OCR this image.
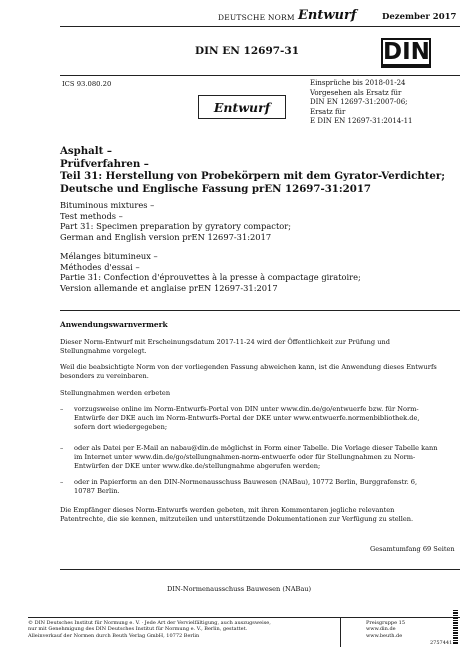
DEUTSCHE NORM Entwurf	Dezember 2017
DIN EN 12697-31	DIN
ICS 93.080.20	Einsprüche bis 2018-01-24
Vorgesehen als Ersatz für
DIN EN 12697-31:2007-06;
Ersatz für
E DIN EN 12697-31:2014-11
Entwurf
Asphalt –
Prüfverfahren –
Teil 31: Herstellung von Probekörpern mit dem Gyrator-Verdichter;
Deutsche und Englische Fassung prEN 12697-31:2017
Bituminous mixtures –
Test methods –
Part 31: Specimen preparation by gyratory compactor;
German and English version prEN 12697-31:2017
Mélanges bitumineux –
Méthodes d'essai –
Partie 31: Confection d'éprouvettes à la presse à compactage giratoire;
Version allemande et anglaise prEN 12697-31:2017
Anwendungswarnvermerk
Dieser Norm-Entwurf mit Erscheinungsdatum 2017-11-24 wird der Öffentlichkeit zur Prüfung und
Stellungnahme vorgelegt.
Weil die beabsichtigte Norm von der vorliegenden Fassung abweichen kann, ist die Anwendung dieses Entwurfs
besonders zu vereinbaren.
Stellungnahmen werden erbeten
– vorzugsweise online im Norm-Entwurfs-Portal von DIN unter www.din.de/go/entwuerfe bzw. für Norm-
Entwürfe der DKE auch im Norm-Entwurfs-Portal der DKE unter www.entwuerfe.normenbibliothek.de,
sofern dort wiedergegeben;
– oder als Datei per E-Mail an nabau@din.de möglichst in Form einer Tabelle. Die Vorlage dieser Tabelle kann
im Internet unter www.din.de/go/stellungnahmen-norm-entwuerfe oder für Stellungnahmen zu Norm-
Entwürfen der DKE unter www.dke.de/stellungnahme abgerufen werden;
– oder in Papierform an den DIN-Normenausschuss Bauwesen (NABau), 10772 Berlin, Burggrafenstr. 6,
10787 Berlin.
Die Empfänger dieses Norm-Entwurfs werden gebeten, mit ihren Kommentaren jegliche relevanten
Patentrechte, die sie kennen, mitzuteilen und unterstützende Dokumentationen zur Verfügung zu stellen.
Gesamtumfang 69 Seiten
DIN-Normenausschuss Bauwesen (NABau)
© DIN Deutsches Institut für Normung e. V. · Jede Art der Vervielfältigung, auch auszugsweise,
nur mit Genehmigung des DIN Deutsches Institut für Normung e. V., Berlin, gestattet.
Alleinverkauf der Normen durch Beuth Verlag GmbH, 10772 Berlin
Preisgruppe 15
www.din.de
www.beuth.de
2757441
